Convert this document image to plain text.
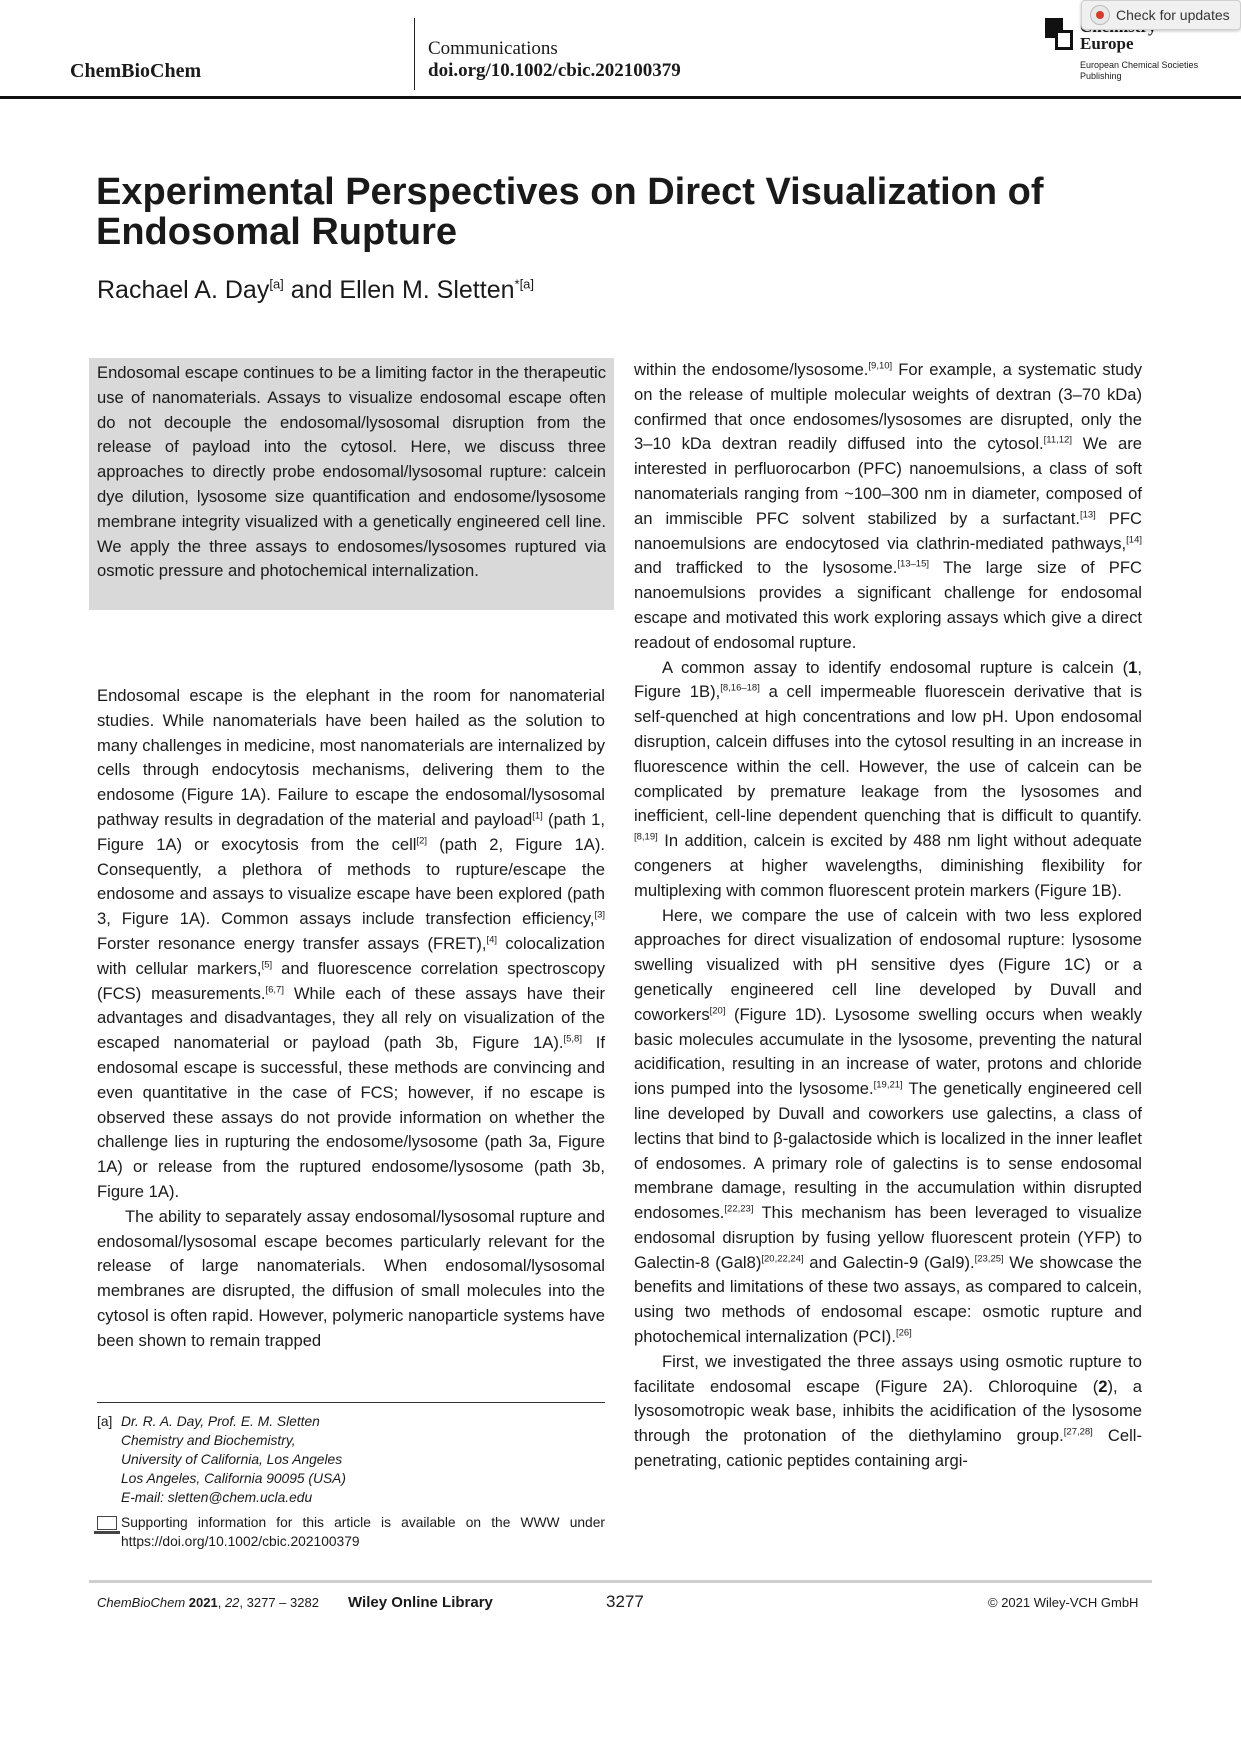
ChemBioChem
Communications
doi.org/10.1002/cbic.202100379
Europe
European Chemical Societies Publishing
Check for updates
Experimental Perspectives on Direct Visualization of Endosomal Rupture
Rachael A. Day[a] and Ellen M. Sletten$^{*[a]}$

Endosomal escape continues to be a limiting factor in the therapeutic use of nanomaterials. Assays to visualize endosomal escape often do not decouple the endosomal/lysosomal disruption from the release of payload into the cytosol. Here, we discuss three approaches to directly probe endosomal/lysosomal rupture: calcein dye dilution, lysosome size quantification and endosome/lysosome membrane integrity visualized with a genetically engineered cell line. We apply the three assays to endosomes/lysosomes ruptured via osmotic pressure and photochemical internalization.

Endosomal escape is the elephant in the room for nanomaterial studies. While nanomaterials have been hailed as the solution to many challenges in medicine, most nanomaterials are internalized by cells through endocytosis mechanisms, delivering them to the endosome (Figure 1A). Failure to escape the endosomal/lysosomal pathway results in degradation of the material and payload[1] (path 1, Figure 1A) or exocytosis from the cell[2] (path 2, Figure 1A). Consequently, a plethora of methods to rupture/escape the endosome and assays to visualize escape have been explored (path 3, Figure 1A). Common assays include transfection efficiency,[3] Forster resonance energy transfer assays (FRET),[4] colocalization with cellular markers,[5] and fluorescence correlation spectroscopy (FCS) measurements.[6,7] While each of these assays have their advantages and disadvantages, they all rely on visualization of the escaped nanomaterial or payload (path 3b, Figure 1A).[5,8] If endosomal escape is successful, these methods are convincing and even quantitative in the case of FCS; however, if no escape is observed these assays do not provide information on whether the challenge lies in rupturing the endosome/lysosome (path 3a, Figure 1A) or release from the ruptured endosome/lysosome (path 3b, Figure 1A).

The ability to separately assay endosomal/lysosomal rupture and endosomal/lysosomal escape becomes particularly relevant for the release of large nanomaterials. When endosomal/lysosomal membranes are disrupted, the diffusion of small molecules into the cytosol is often rapid. However, polymeric nanoparticle systems have been shown to remain trapped

[a] Dr. R. A. Day, Prof. E. M. Sletten
Chemistry and Biochemistry,
University of California, Los Angeles
Los Angeles, California 90095 (USA)
E-mail: sletten@chem.ucla.edu
Supporting information for this article is available on the WWW under https://doi.org/10.1002/cbic.202100379

within the endosome/lysosome.[9,10] For example, a systematic study on the release of multiple molecular weights of dextran (3–70 kDa) confirmed that once endosomes/lysosomes are disrupted, only the 3–10 kDa dextran readily diffused into the cytosol.[11,12] We are interested in perfluorocarbon (PFC) nanoemulsions, a class of soft nanomaterials ranging from ~100–300 nm in diameter, composed of an immiscible PFC solvent stabilized by a surfactant.[13] PFC nanoemulsions are endocytosed via clathrin-mediated pathways,[14] and trafficked to the lysosome.[13–15] The large size of PFC nanoemulsions provides a significant challenge for endosomal escape and motivated this work exploring assays which give a direct readout of endosomal rupture.

A common assay to identify endosomal rupture is calcein (1, Figure 1B),[8,16–18] a cell impermeable fluorescein derivative that is self-quenched at high concentrations and low pH. Upon endosomal disruption, calcein diffuses into the cytosol resulting in an increase in fluorescence within the cell. However, the use of calcein can be complicated by premature leakage from the lysosomes and inefficient, cell-line dependent quenching that is difficult to quantify.[8,19] In addition, calcein is excited by 488 nm light without adequate congeners at higher wavelengths, diminishing flexibility for multiplexing with common fluorescent protein markers (Figure 1B).

Here, we compare the use of calcein with two less explored approaches for direct visualization of endosomal rupture: lysosome swelling visualized with pH sensitive dyes (Figure 1C) or a genetically engineered cell line developed by Duvall and coworkers[20] (Figure 1D). Lysosome swelling occurs when weakly basic molecules accumulate in the lysosome, preventing the natural acidification, resulting in an increase of water, protons and chloride ions pumped into the lysosome.[19,21] The genetically engineered cell line developed by Duvall and coworkers use galectins, a class of lectins that bind to β-galactoside which is localized in the inner leaflet of endosomes. A primary role of galectins is to sense endosomal membrane damage, resulting in the accumulation within disrupted endosomes.[22,23] This mechanism has been leveraged to visualize endosomal disruption by fusing yellow fluorescent protein (YFP) to Galectin-8 (Gal8)[20,22,24] and Galectin-9 (Gal9).[23,25] We showcase the benefits and limitations of these two assays, as compared to calcein, using two methods of endosomal escape: osmotic rupture and photochemical internalization (PCI).[26]

First, we investigated the three assays using osmotic rupture to facilitate endosomal escape (Figure 2A). Chloroquine (2), a lysosomotropic weak base, inhibits the acidification of the lysosome through the protonation of the diethylamino group.[27,28] Cell-penetrating, cationic peptides containing argi-

ChemBioChem 2021, 22, 3277 – 3282 Wiley Online Library	3277	© 2021 Wiley-VCH GmbH
